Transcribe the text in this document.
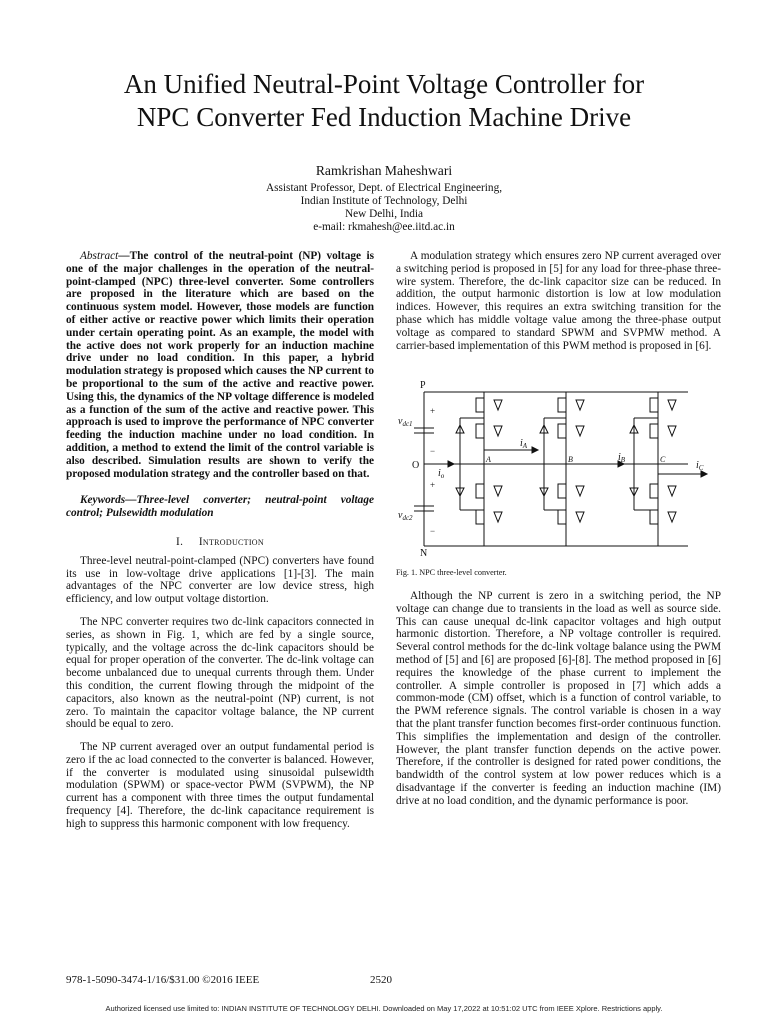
An Unified Neutral-Point Voltage Controller for
NPC Converter Fed Induction Machine Drive
Ramkrishan Maheshwari
Assistant Professor, Dept. of Electrical Engineering,
Indian Institute of Technology, Delhi
New Delhi, India
e-mail: rkmahesh@ee.iitd.ac.in

Abstract—The control of the neutral-point (NP) voltage is one of the major challenges in the operation of the neutral-point-clamped (NPC) three-level converter. Some controllers are proposed in the literature which are based on the continuous system model. However, those models are function of either active or reactive power which limits their operation under certain operating point. As an example, the model with the active does not work properly for an induction machine drive under no load condition. In this paper, a hybrid modulation strategy is proposed which causes the NP current to be proportional to the sum of the active and reactive power. Using this, the dynamics of the NP voltage difference is modeled as a function of the sum of the active and reactive power. This approach is used to improve the performance of NPC converter feeding the induction machine under no load condition. In addition, a method to extend the limit of the control variable is also described. Simulation results are shown to verify the proposed modulation strategy and the controller based on that.

Keywords—Three-level converter; neutral-point voltage control; Pulsewidth modulation

I. Introduction

Three-level neutral-point-clamped (NPC) converters have found its use in low-voltage drive applications [1]-[3]. The main advantages of the NPC converter are low device stress, high efficiency, and low output voltage distortion.

The NPC converter requires two dc-link capacitors connected in series, as shown in Fig. 1, which are fed by a single source, typically, and the voltage across the dc-link capacitors should be equal for proper operation of the converter. The dc-link voltage can become unbalanced due to unequal currents through them. Under this condition, the current flowing through the midpoint of the capacitors, also known as the neutral-point (NP) current, is not zero. To maintain the capacitor voltage balance, the NP current should be equal to zero.

The NP current averaged over an output fundamental period is zero if the ac load connected to the converter is balanced. However, if the converter is modulated using sinusoidal pulsewidth modulation (SPWM) or space-vector PWM (SVPWM), the NP current has a component with three times the output fundamental frequency [4]. Therefore, the dc-link capacitance requirement is high to suppress this harmonic component with low frequency.

A modulation strategy which ensures zero NP current averaged over a switching period is proposed in [5] for any load for three-phase three-wire system. Therefore, the dc-link capacitor size can be reduced. In addition, the output harmonic distortion is low at low modulation indices. However, this requires an extra switching transition for the phase which has middle voltage value among the three-phase output voltage as compared to standard SPWM and SVPMW method. A carrier-based implementation of this PWM method is proposed in [6].

P
N
O
+
−
+
−
$v_{dc1}$
$v_{dc2}$
$i_o$
$i_A$
$i_B$	$i_C$
A	B	C
Fig. 1. NPC three-level converter.

Although the NP current is zero in a switching period, the NP voltage can change due to transients in the load as well as source side. This can cause unequal dc-link capacitor voltages and high output harmonic distortion. Therefore, a NP voltage controller is required. Several control methods for the dc-link voltage balance using the PWM method of [5] and [6] are proposed [6]-[8]. The method proposed in [6] requires the knowledge of the phase current to implement the controller. A simple controller is proposed in [7] which adds a common-mode (CM) offset, which is a function of control variable, to the PWM reference signals. The control variable is chosen in a way that the plant transfer function becomes first-order continuous function. This simplifies the implementation and design of the controller. However, the plant transfer function depends on the active power. Therefore, if the controller is designed for rated power conditions, the bandwidth of the control system at low power reduces which is a disadvantage if the converter is feeding an induction machine (IM) drive at no load condition, and the dynamic performance is poor.

978-1-5090-3474-1/16/$31.00 ©2016 IEEE	2520
Authorized licensed use limited to: INDIAN INSTITUTE OF TECHNOLOGY DELHI. Downloaded on May 17,2022 at 10:51:02 UTC from IEEE Xplore. Restrictions apply.
